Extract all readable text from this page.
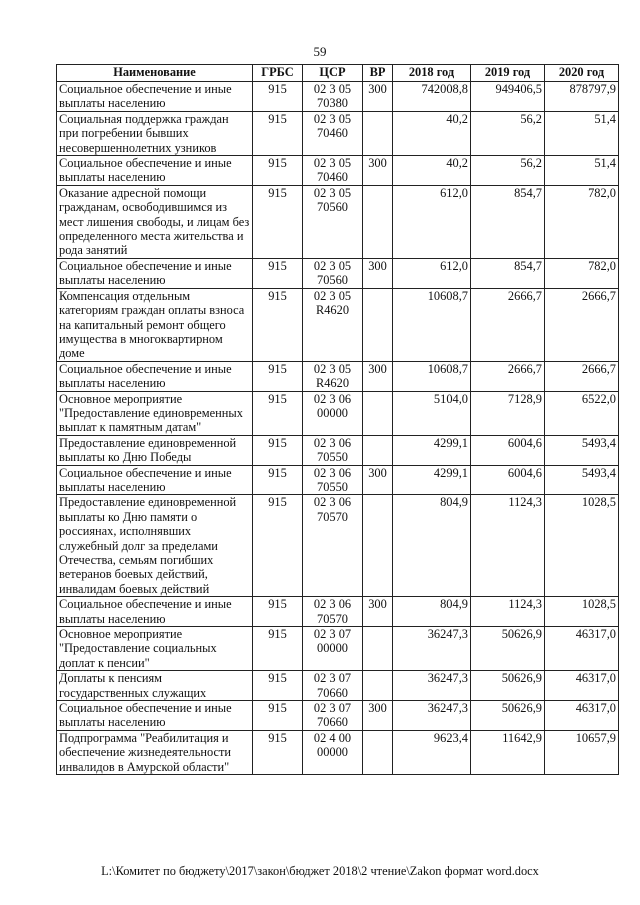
59
Наименование	ГРБС	ЦСР	ВР	2018 год	2019 год	2020 год
Социальное обеспечение и иные выплаты населению	915	02 3 05 70380	300	742008,8	949406,5	878797,9
Социальная поддержка граждан при погребении бывших несовершеннолетних узников	915	02 3 05 70460		40,2	56,2	51,4
Социальное обеспечение и иные выплаты населению	915	02 3 05 70460	300	40,2	56,2	51,4
Оказание адресной помощи гражданам, освободившимся из мест лишения свободы, и лицам без определенного места жительства и рода занятий	915	02 3 05 70560		612,0	854,7	782,0
Социальное обеспечение и иные выплаты населению	915	02 3 05 70560	300	612,0	854,7	782,0
Компенсация отдельным категориям граждан оплаты взноса на капитальный ремонт общего имущества в многоквартирном доме	915	02 3 05 R4620		10608,7	2666,7	2666,7
Социальное обеспечение и иные выплаты населению	915	02 3 05 R4620	300	10608,7	2666,7	2666,7
Основное мероприятие "Предоставление единовременных выплат к памятным датам"	915	02 3 06 00000		5104,0	7128,9	6522,0
Предоставление единовременной выплаты ко Дню Победы	915	02 3 06 70550		4299,1	6004,6	5493,4
Социальное обеспечение и иные выплаты населению	915	02 3 06 70550	300	4299,1	6004,6	5493,4
Предоставление единовременной выплаты ко Дню памяти о россиянах, исполнявших служебный долг за пределами Отечества, семьям погибших ветеранов боевых действий, инвалидам боевых действий	915	02 3 06 70570		804,9	1124,3	1028,5
Социальное обеспечение и иные выплаты населению	915	02 3 06 70570	300	804,9	1124,3	1028,5
Основное мероприятие "Предоставление социальных доплат к пенсии"	915	02 3 07 00000		36247,3	50626,9	46317,0
Доплаты к пенсиям государственных служащих	915	02 3 07 70660		36247,3	50626,9	46317,0
Социальное обеспечение и иные выплаты населению	915	02 3 07 70660	300	36247,3	50626,9	46317,0
Подпрограмма "Реабилитация и обеспечение жизнедеятельности инвалидов в Амурской области"	915	02 4 00 00000		9623,4	11642,9	10657,9
L:\Комитет по бюджету\2017\закон\бюджет 2018\2 чтение\Zakon формат word.docx
